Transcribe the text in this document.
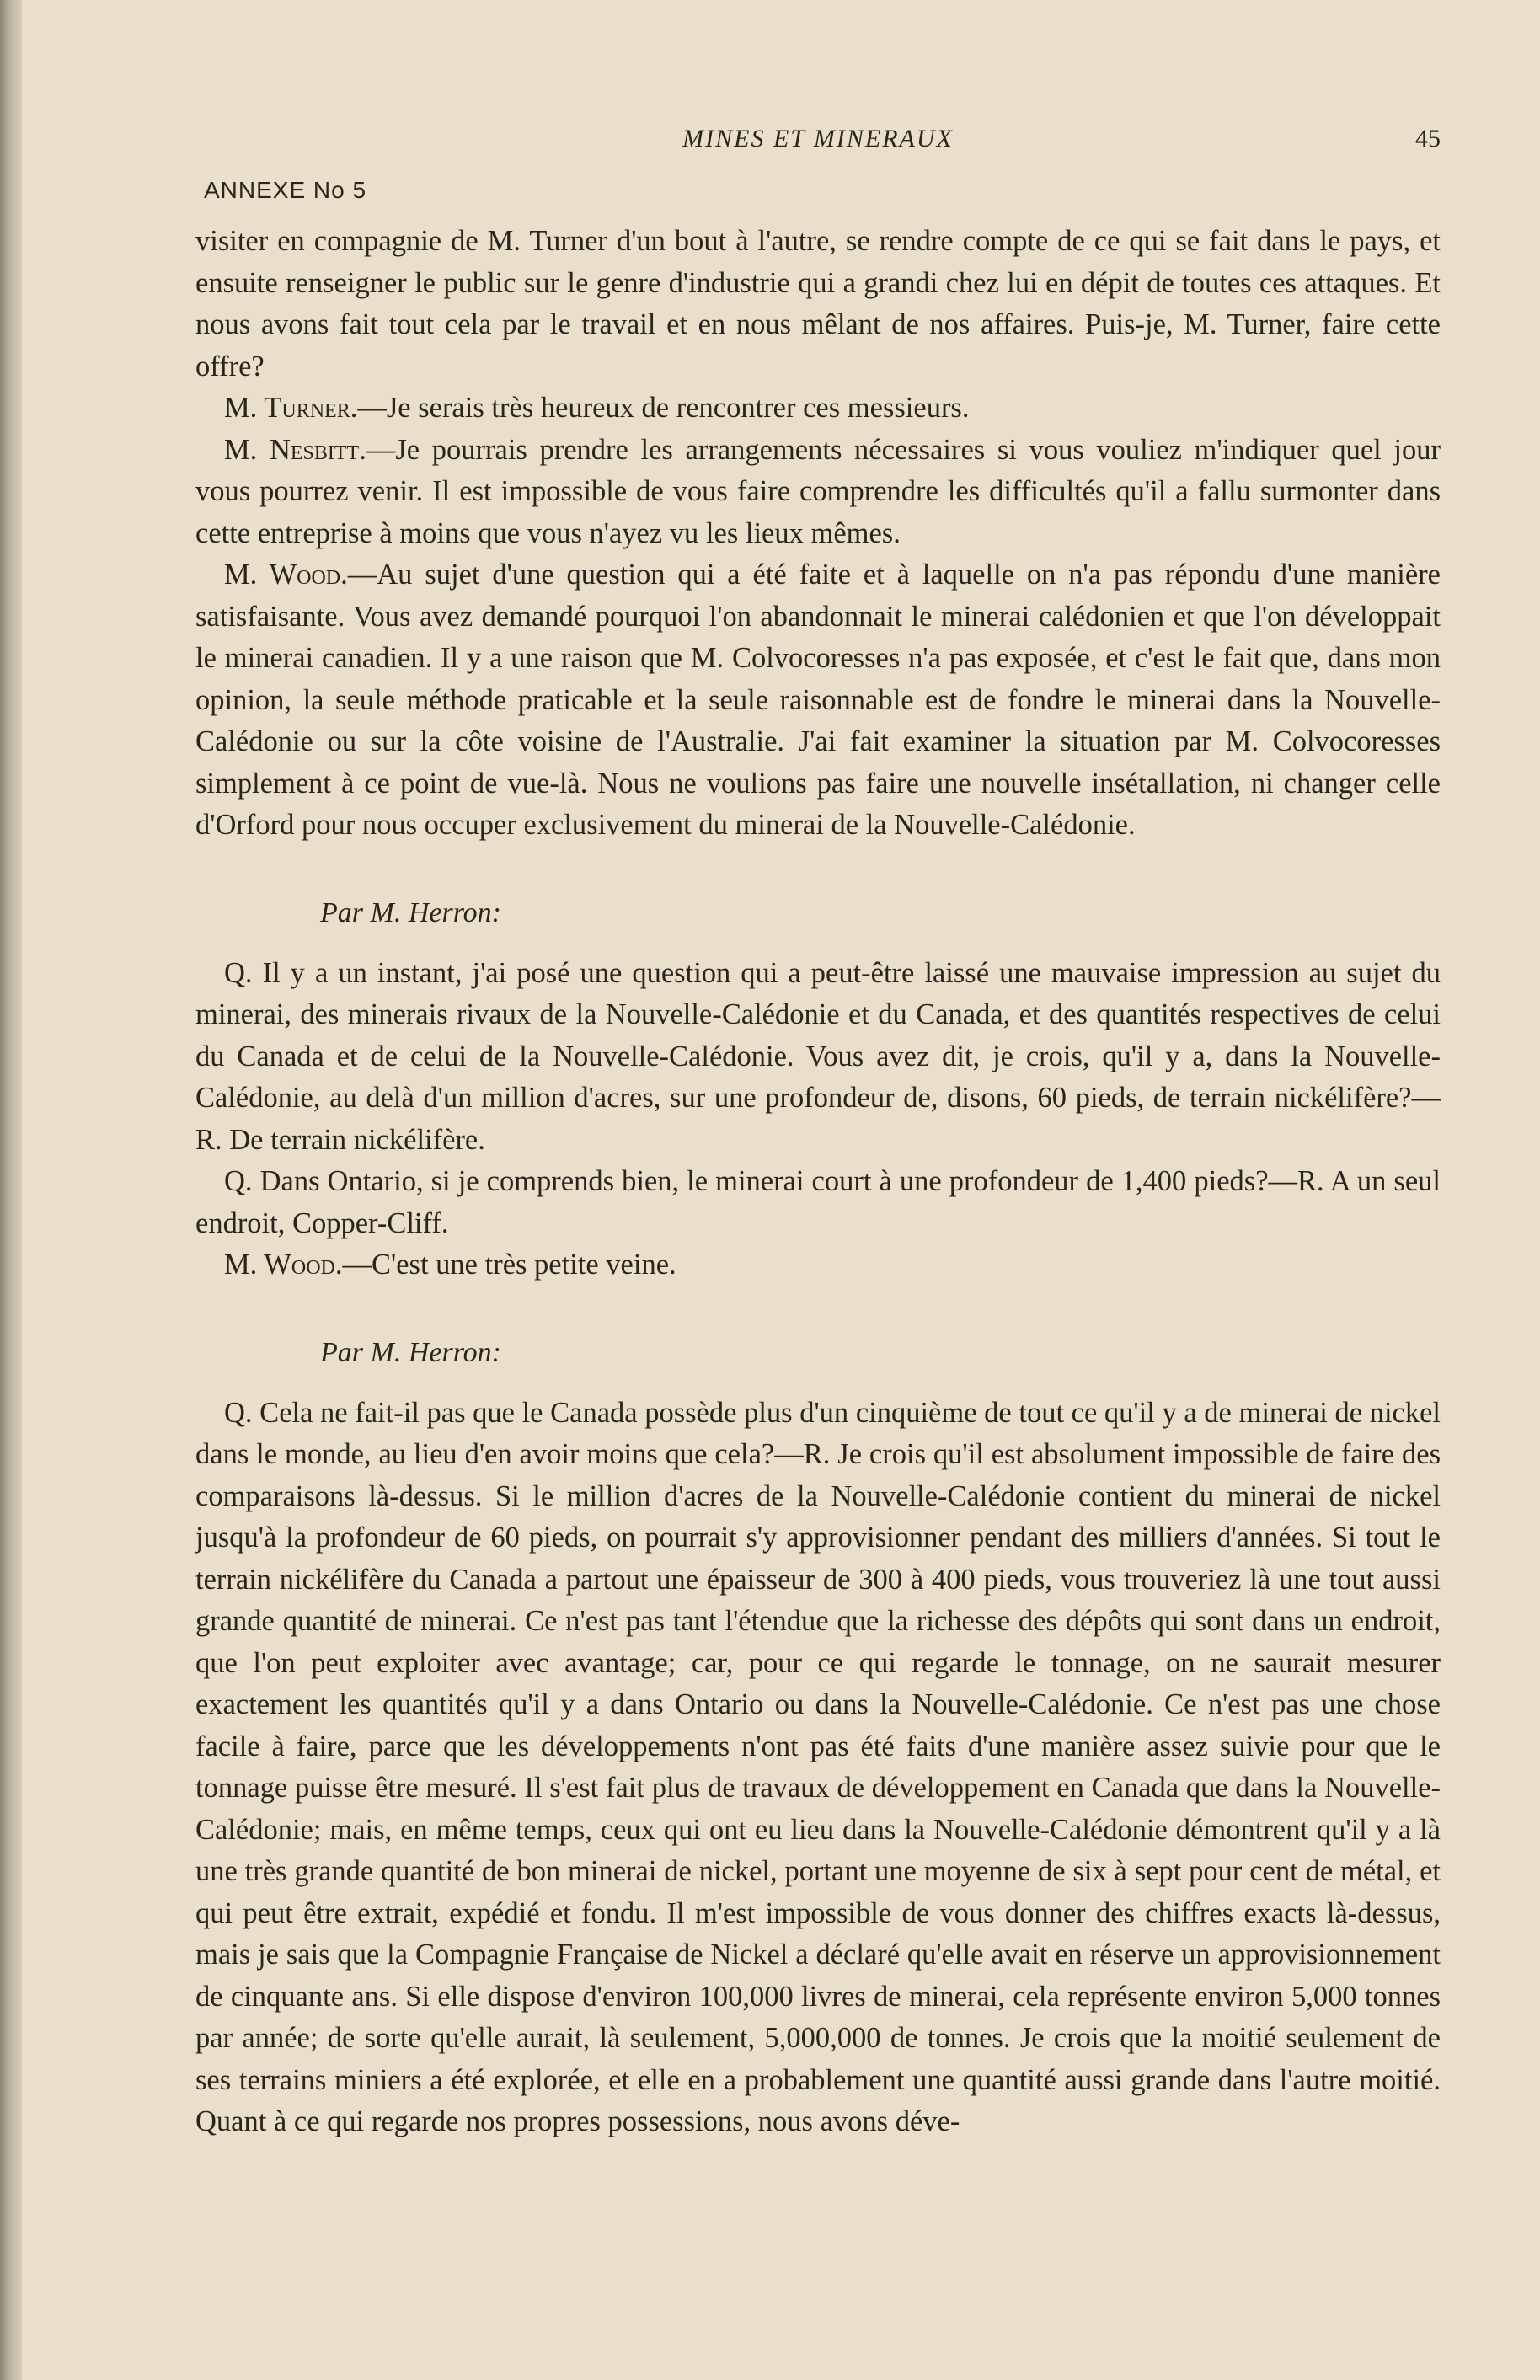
MINES ET MINERAUX	45
ANNEXE No 5

visiter en compagnie de M. Turner d'un bout à l'autre, se rendre compte de ce qui se fait dans le pays, et ensuite renseigner le public sur le genre d'industrie qui a grandi chez lui en dépit de toutes ces attaques. Et nous avons fait tout cela par le travail et en nous mêlant de nos affaires. Puis-je, M. Turner, faire cette offre?

M. Turner.—Je serais très heureux de rencontrer ces messieurs.

M. Nesbitt.—Je pourrais prendre les arrangements nécessaires si vous vouliez m'indiquer quel jour vous pourrez venir. Il est impossible de vous faire comprendre les difficultés qu'il a fallu surmonter dans cette entreprise à moins que vous n'ayez vu les lieux mêmes.

M. Wood.—Au sujet d'une question qui a été faite et à laquelle on n'a pas répondu d'une manière satisfaisante. Vous avez demandé pourquoi l'on abandonnait le minerai calédonien et que l'on développait le minerai canadien. Il y a une raison que M. Colvocoresses n'a pas exposée, et c'est le fait que, dans mon opinion, la seule méthode praticable et la seule raisonnable est de fondre le minerai dans la Nouvelle-Calédonie ou sur la côte voisine de l'Australie. J'ai fait examiner la situation par M. Colvocoresses simplement à ce point de vue-là. Nous ne voulions pas faire une nouvelle insétallation, ni changer celle d'Orford pour nous occuper exclusivement du minerai de la Nouvelle-Calédonie.

Par M. Herron:

Q. Il y a un instant, j'ai posé une question qui a peut-être laissé une mauvaise impression au sujet du minerai, des minerais rivaux de la Nouvelle-Calédonie et du Canada, et des quantités respectives de celui du Canada et de celui de la Nouvelle-Calédonie. Vous avez dit, je crois, qu'il y a, dans la Nouvelle-Calédonie, au delà d'un million d'acres, sur une profondeur de, disons, 60 pieds, de terrain nickélifère?—R. De terrain nickélifère.

Q. Dans Ontario, si je comprends bien, le minerai court à une profondeur de 1,400 pieds?—R. A un seul endroit, Copper-Cliff.

M. Wood.—C'est une très petite veine.

Par M. Herron:

Q. Cela ne fait-il pas que le Canada possède plus d'un cinquième de tout ce qu'il y a de minerai de nickel dans le monde, au lieu d'en avoir moins que cela?—R. Je crois qu'il est absolument impossible de faire des comparaisons là-dessus. Si le million d'acres de la Nouvelle-Calédonie contient du minerai de nickel jusqu'à la profondeur de 60 pieds, on pourrait s'y approvisionner pendant des milliers d'années. Si tout le terrain nickélifère du Canada a partout une épaisseur de 300 à 400 pieds, vous trouveriez là une tout aussi grande quantité de minerai. Ce n'est pas tant l'étendue que la richesse des dépôts qui sont dans un endroit, que l'on peut exploiter avec avantage; car, pour ce qui regarde le tonnage, on ne saurait mesurer exactement les quantités qu'il y a dans Ontario ou dans la Nouvelle-Calédonie. Ce n'est pas une chose facile à faire, parce que les développements n'ont pas été faits d'une manière assez suivie pour que le tonnage puisse être mesuré. Il s'est fait plus de travaux de développement en Canada que dans la Nouvelle-Calédonie; mais, en même temps, ceux qui ont eu lieu dans la Nouvelle-Calédonie démontrent qu'il y a là une très grande quantité de bon minerai de nickel, portant une moyenne de six à sept pour cent de métal, et qui peut être extrait, expédié et fondu. Il m'est impossible de vous donner des chiffres exacts là-dessus, mais je sais que la Compagnie Française de Nickel a déclaré qu'elle avait en réserve un approvisionnement de cinquante ans. Si elle dispose d'environ 100,000 livres de minerai, cela représente environ 5,000 tonnes par année; de sorte qu'elle aurait, là seulement, 5,000,000 de tonnes. Je crois que la moitié seulement de ses terrains miniers a été explorée, et elle en a probablement une quantité aussi grande dans l'autre moitié. Quant à ce qui regarde nos propres possessions, nous avons déve-
